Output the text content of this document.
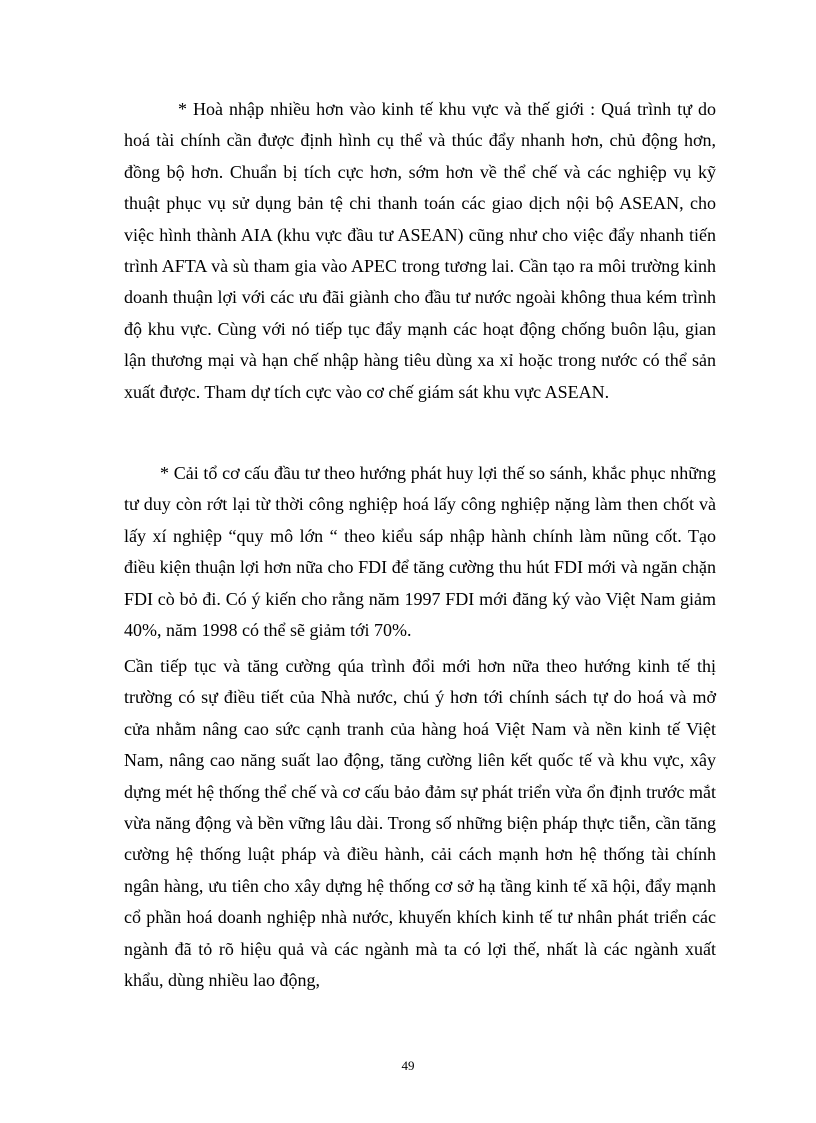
* Hoà nhập nhiều hơn vào kinh tế khu vực và thế giới : Quá trình tự do hoá tài chính cần được định hình cụ thể và thúc đẩy nhanh hơn, chủ động hơn, đồng bộ hơn. Chuẩn bị tích cực hơn, sớm hơn về thể chế và các nghiệp vụ kỹ thuật phục vụ sử dụng bản tệ chi thanh toán các giao dịch nội bộ ASEAN, cho việc hình thành AIA (khu vực đầu tư ASEAN) cũng như cho việc đẩy nhanh tiến trình AFTA và sù tham gia vào APEC trong tương lai. Cần tạo ra môi trường kinh doanh thuận lợi với các ưu đãi giành cho đầu tư nước ngoài không thua kém trình độ khu vực. Cùng với nó tiếp tục đẩy mạnh các hoạt động chống buôn lậu, gian lận thương mại và hạn chế nhập hàng tiêu dùng xa xỉ hoặc trong nước có thể sản xuất được. Tham dự tích cực vào cơ chế giám sát khu vực ASEAN.

* Cải tổ cơ cấu đầu tư theo hướng phát huy lợi thế so sánh, khắc phục những tư duy còn rớt lại từ thời công nghiệp hoá lấy công nghiệp nặng làm then chốt và lấy xí nghiệp “quy mô lớn “ theo kiểu sáp nhập hành chính làm nũng cốt. Tạo điều kiện thuận lợi hơn nữa cho FDI để tăng cường thu hút FDI mới và ngăn chặn FDI cò bỏ đi. Có ý kiến cho rằng năm 1997 FDI mới đăng ký vào Việt Nam giảm 40%, năm 1998 có thể sẽ giảm tới 70%.

Cần tiếp tục và tăng cường qúa trình đổi mới hơn nữa theo hướng kinh tế thị trường có sự điều tiết của Nhà nước, chú ý hơn tới chính sách tự do hoá và mở cửa nhằm nâng cao sức cạnh tranh của hàng hoá Việt Nam và nền kinh tế Việt Nam, nâng cao năng suất lao động, tăng cường liên kết quốc tế và khu vực, xây dựng mét hệ thống thể chế và cơ cấu bảo đảm sự phát triển vừa ổn định trước mắt vừa năng động và bền vững lâu dài. Trong số những biện pháp thực tiễn, cần tăng cường hệ thống luật pháp và điều hành, cải cách mạnh hơn hệ thống tài chính ngân hàng, ưu tiên cho xây dựng hệ thống cơ sở hạ tầng kinh tế xã hội, đẩy mạnh cổ phần hoá doanh nghiệp nhà nước, khuyến khích kinh tế tư nhân phát triển các ngành đã tỏ rõ hiệu quả và các ngành mà ta có lợi thế, nhất là các ngành xuất khẩu, dùng nhiều lao động,

49
